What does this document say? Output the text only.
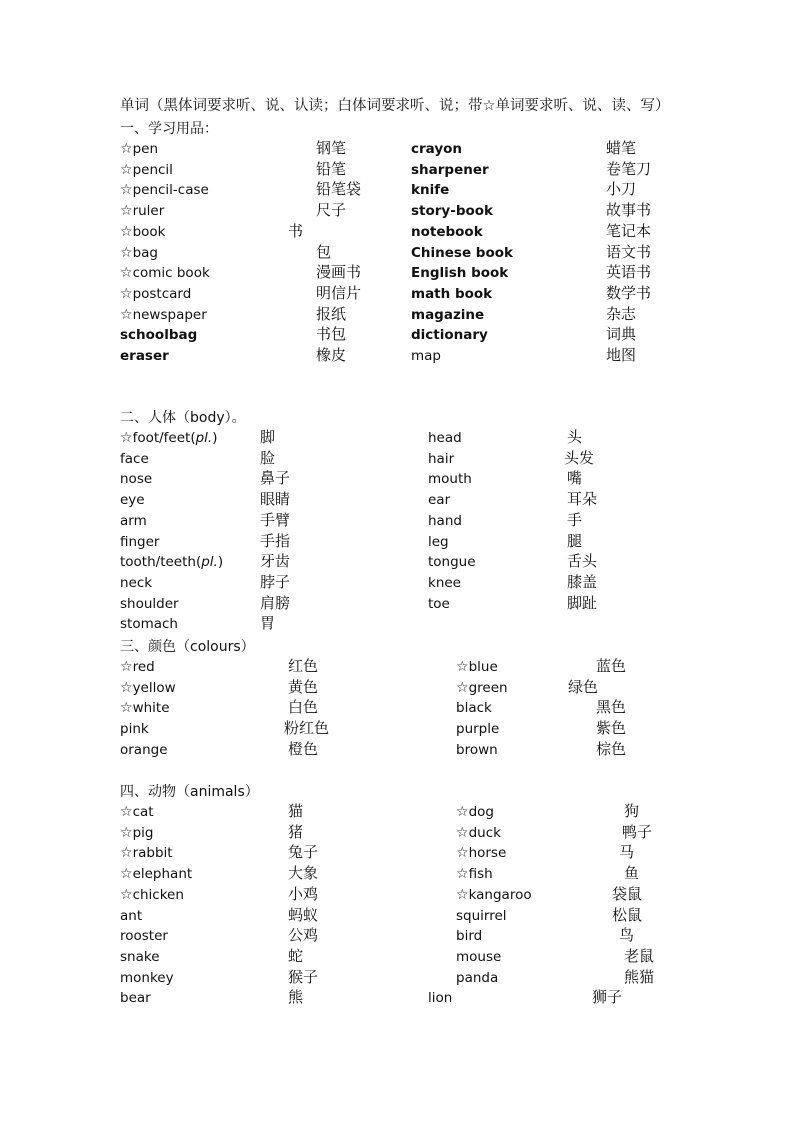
单词（黑体词要求听、说、认读；白体词要求听、说；带☆单词要求听、说、读、写）
一、学习用品：
☆pen	钢笔	crayon	蜡笔
☆pencil	铅笔	sharpener	卷笔刀
☆pencil-case	铅笔袋	knife	小刀
☆ruler	尺子	story-book	故事书
☆book	书	notebook	笔记本
☆bag	包	Chinese book	语文书
☆comic book	漫画书	English book	英语书
☆postcard	明信片	math book	数学书
☆newspaper	报纸	magazine	杂志
schoolbag	书包	dictionary	词典
eraser	橡皮	map	地图
二、人体（body）。
☆foot/feet(pl.)	脚	head	头
face	脸	hair	头发
nose	鼻子	mouth	嘴
eye	眼睛	ear	耳朵
arm	手臂	hand	手
finger	手指	leg	腿
tooth/teeth(pl.) 牙齿	tongue	舌头
neck	脖子	knee	膝盖
shoulder	肩膀	toe	脚趾
stomach	胃
三、颜色（colours）
☆red	红色	☆blue	蓝色
☆yellow	黄色	☆green	绿色
☆white	白色	black	黑色
pink	粉红色	purple	紫色
orange	橙色	brown	棕色
四、动物（animals）
☆cat	猫	☆dog	狗
☆pig	猪	☆duck	鸭子
☆rabbit	兔子	☆horse	马
☆elephant	大象	☆fish	鱼
☆chicken	小鸡	☆kangaroo	袋鼠
ant	蚂蚁	squirrel	松鼠
rooster	公鸡	bird	鸟
snake	蛇	mouse	老鼠
monkey	猴子	panda	熊猫
bear	熊	lion	狮子
